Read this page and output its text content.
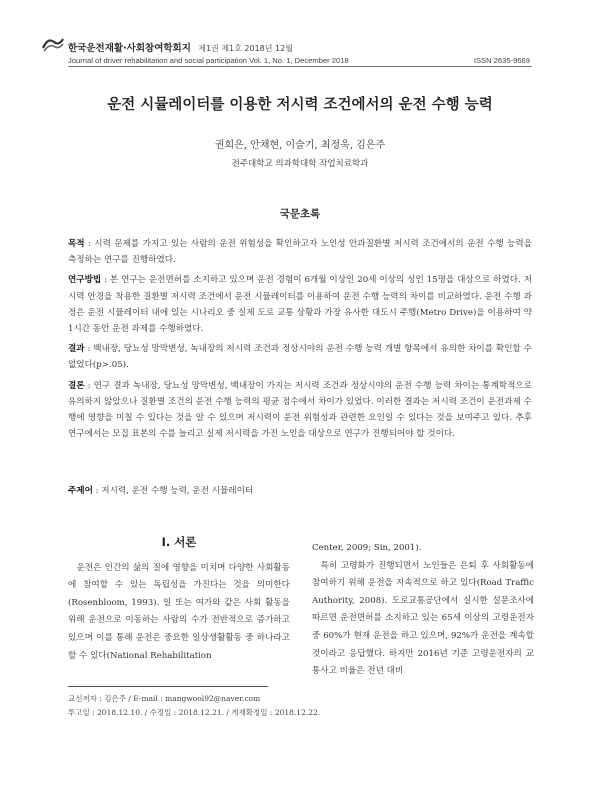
한국운전재활·사회참여학회지 제1권 제1호 2018년 12월
Journal of driver rehabilitation and social participation Vol. 1, No. 1, December 2018	ISSN 2635-9669
운전 시뮬레이터를 이용한 저시력 조건에서의 운전 수행 능력
권희은, 안채현, 이슬기, 최정욱, 김은주
전주대학교 의과학대학 작업치료학과
국문초록

목적 : 시력 문제를 가지고 있는 사람의 운전 위험성을 확인하고자 노인성 안과질환별 저시력 조건에서의 운전 수행 능력을 측정하는 연구를 진행하였다.

연구방법 : 본 연구는 운전면허를 소지하고 있으며 운전 경험이 6개월 이상인 20세 이상의 성인 15명을 대상으로 하였다. 저시력 안경을 착용한 질환별 저시력 조건에서 운전 시뮬레이터를 이용하여 운전 수행 능력의 차이를 비교하였다. 운전 수행 과정은 운전 시뮬레이터 내에 있는 시나리오 중 실제 도로 교통 상황과 가장 유사한 대도시 주행(Metro Drive)을 이용하여 약 1시간 동안 운전 과제를 수행하였다.

결과 : 백내장, 당뇨성 망막변성, 녹내장의 저시력 조건과 정상시야의 운전 수행 능력 개별 항목에서 유의한 차이를 확인할 수 없었다(p>.05).

결론 : 연구 결과 녹내장, 당뇨성 망막변성, 백내장이 가지는 저시력 조건과 정상시야의 운전 수행 능력 차이는 통계학적으로 유의하지 않았으나 질환별 조건의 운전 수행 능력의 평균 점수에서 차이가 있었다. 이러한 결과는 저시력 조건이 운전과제 수행에 영향을 미칠 수 있다는 것을 알 수 있으며 저시력이 운전 위험성과 관련한 요인일 수 있다는 것을 보여주고 있다. 추후 연구에서는 모집 표본의 수를 늘리고 실제 저시력을 가진 노인을 대상으로 연구가 진행되어야 할 것이다.

주제어 : 저시력, 운전 수행 능력, 운전 시뮬레이터
Ⅰ. 서론

운전은 인간의 삶의 질에 영향을 미치며 다양한 사회활동에 참여할 수 있는 독립성을 가진다는 것을 의미한다(Rosenbloom, 1993). 일 또는 여가와 같은 사회 활동을 위해 운전으로 이동하는 사람의 수가 전반적으로 증가하고 있으며 이를 통해 운전은 중요한 일상생활활동 중 하나라고 할 수 있다(National Rehabilitation

Center, 2009; Sin, 2001).

특히 고령화가 진행되면서 노인들은 은퇴 후 사회활동에 참여하기 위해 운전을 지속적으로 하고 있다(Road Traffic Authority, 2008). 도로교통공단에서 실시한 설문조사에 따르면 운전면허를 소지하고 있는 65세 이상의 고령운전자 중 60%가 현재 운전을 하고 있으며, 92%가 운전을 계속할 것이라고 응답했다. 하지만 2016년 기준 고령운전자의 교통사고 비율은 전년 대비

교신저자 : 김은주 / E-mail : mangwool92@naver.com
투고일 : 2018.12.10. / 수정일 : 2018.12.21. / 게재확정일 : 2018.12.22.
